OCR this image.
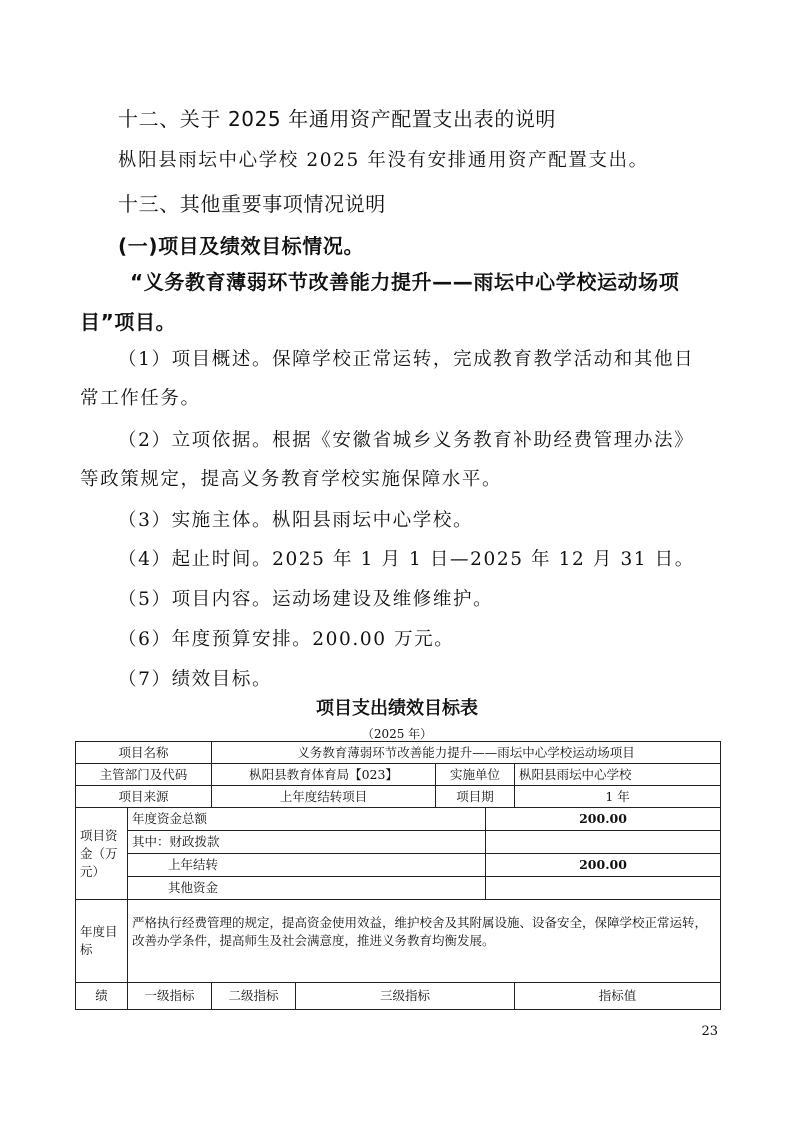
十二、关于 2025 年通用资产配置支出表的说明
枞阳县雨坛中心学校 2025 年没有安排通用资产配置支出。
十三、其他重要事项情况说明
(一)项目及绩效目标情况。
“义务教育薄弱环节改善能力提升——雨坛中心学校运动场项
目”项目。
（1）项目概述。保障学校正常运转，完成教育教学活动和其他日
常工作任务。
（2）立项依据。根据《安徽省城乡义务教育补助经费管理办法》
等政策规定，提高义务教育学校实施保障水平。
（3）实施主体。枞阳县雨坛中心学校。
（4）起止时间。2025 年 1 月 1 日—2025 年 12 月 31 日。
（5）项目内容。运动场建设及维修维护。
（6）年度预算安排。200.00 万元。
（7）绩效目标。
项目支出绩效目标表
（2025 年）
项目名称		义务教育薄弱环节改善能力提升——雨坛中心学校运动场项目				
主管部门及代码		枞阳县教育体育局【023】		实施单位		枞阳县雨坛中心学校
项目来源		上年度结转项目		项目期		1 年
项目资金（万元）	年度资金总额				200.00	
	其中：财政拨款					
	上年结转				200.00	
	其他资金					
年度目标	严格执行经费管理的规定，提高资金使用效益，维护校舍及其附属设施、设备安全，保障学校正常运转，改善办学条件，提高师生及社会满意度，推进义务教育均衡发展。					
绩	一级指标	二级指标	三级指标			指标值
23
